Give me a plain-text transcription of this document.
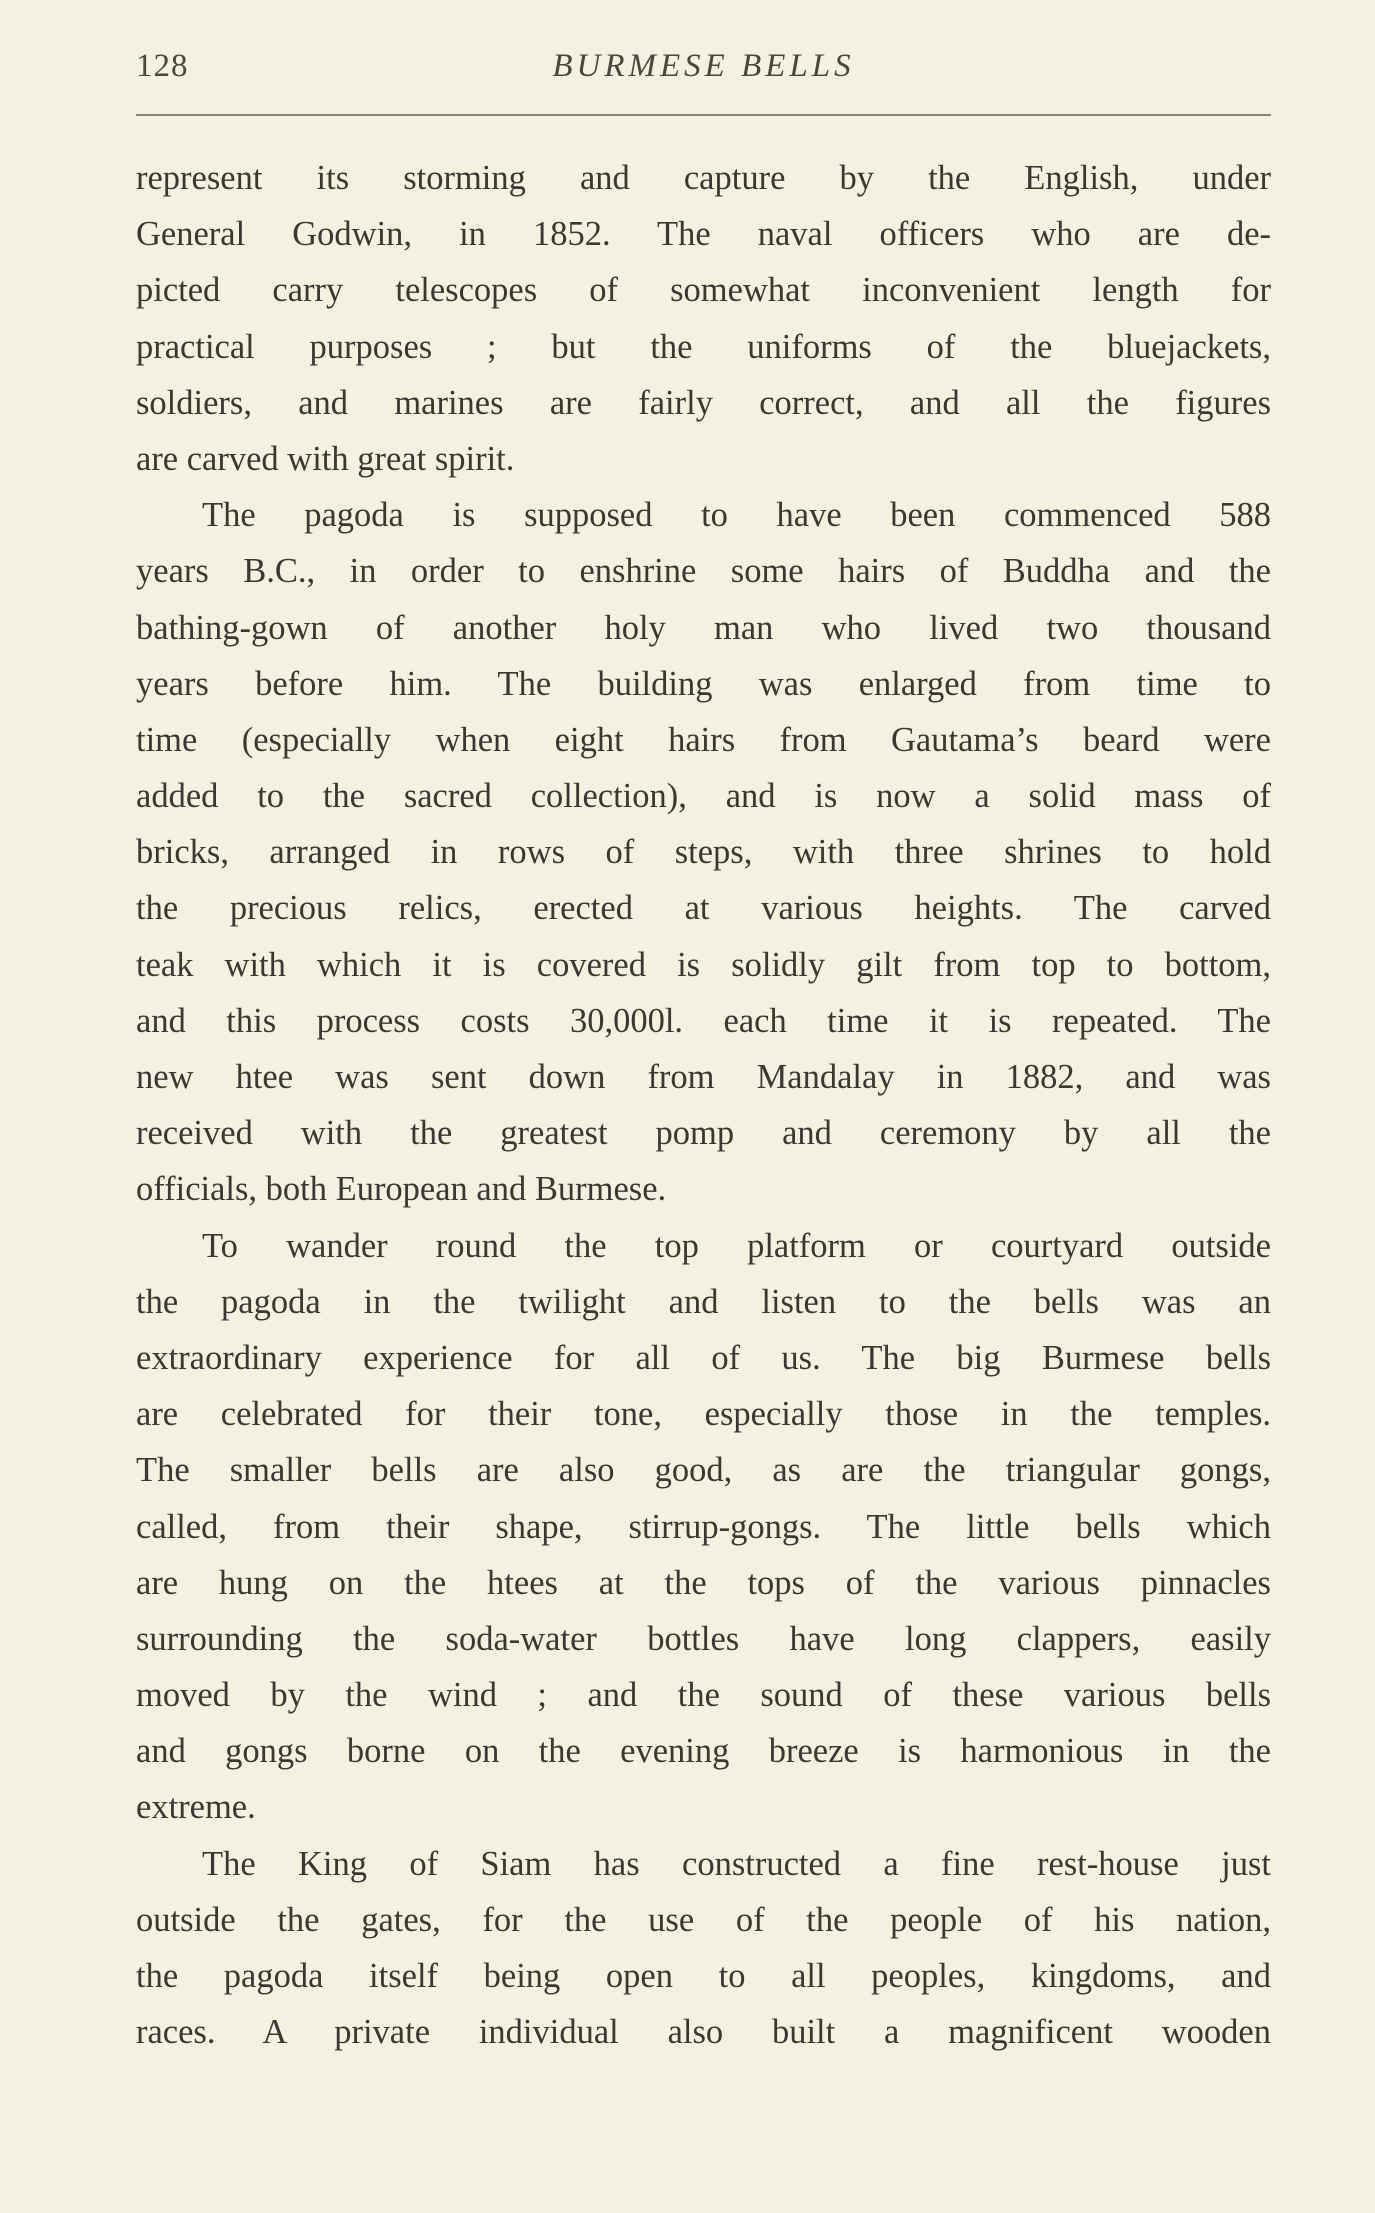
128	BURMESE BELLS
represent its storming and capture by the English, under
General Godwin, in 1852. The naval officers who are de-
picted carry telescopes of somewhat inconvenient length for
practical purposes ; but the uniforms of the bluejackets,
soldiers, and marines are fairly correct, and all the figures
are carved with great spirit.
The pagoda is supposed to have been commenced 588
years B.C., in order to enshrine some hairs of Buddha and the
bathing-gown of another holy man who lived two thousand
years before him. The building was enlarged from time to
time (especially when eight hairs from Gautama’s beard were
added to the sacred collection), and is now a solid mass of
bricks, arranged in rows of steps, with three shrines to hold
the precious relics, erected at various heights. The carved
teak with which it is covered is solidly gilt from top to bottom,
and this process costs 30,000l. each time it is repeated. The
new htee was sent down from Mandalay in 1882, and was
received with the greatest pomp and ceremony by all the
officials, both European and Burmese.
To wander round the top platform or courtyard outside
the pagoda in the twilight and listen to the bells was an
extraordinary experience for all of us. The big Burmese bells
are celebrated for their tone, especially those in the temples.
The smaller bells are also good, as are the triangular gongs,
called, from their shape, stirrup-gongs. The little bells which
are hung on the htees at the tops of the various pinnacles
surrounding the soda-water bottles have long clappers, easily
moved by the wind ; and the sound of these various bells
and gongs borne on the evening breeze is harmonious in the
extreme.
The King of Siam has constructed a fine rest-house just
outside the gates, for the use of the people of his nation,
the pagoda itself being open to all peoples, kingdoms, and
races. A private individual also built a magnificent wooden
